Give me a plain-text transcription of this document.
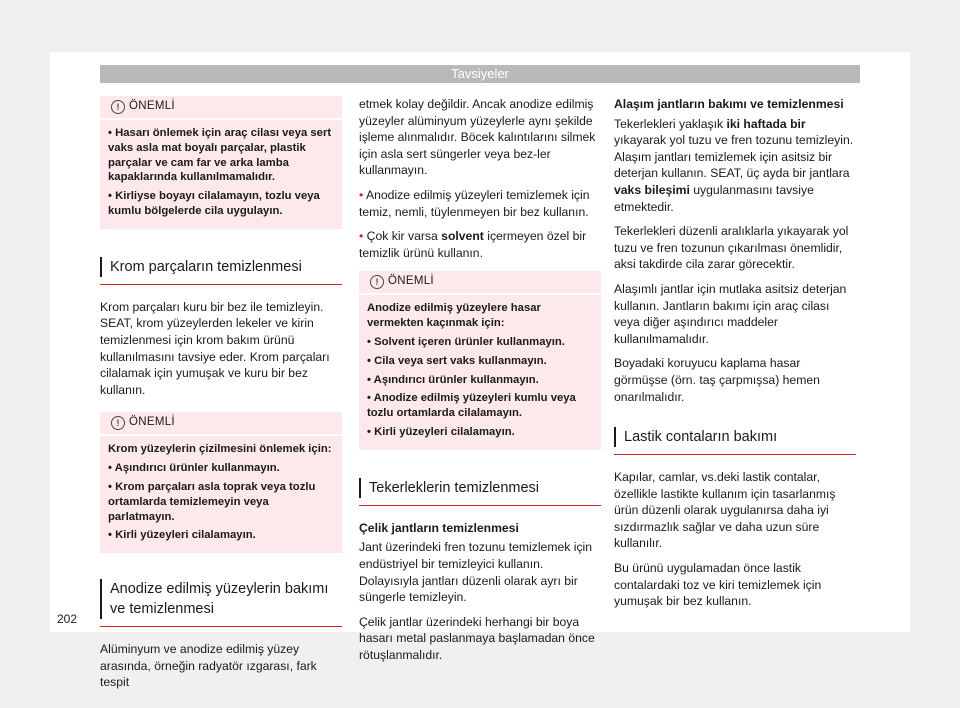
Tavsiyeler
! ÖNEMLİ

• Hasarı önlemek için araç cilası veya sert vaks asla mat boyalı parçalar, plastik parçalar ve cam far ve arka lamba kapaklarında kullanılmamalıdır.

• Kirliyse boyayı cilalamayın, tozlu veya kumlu bölgelerde cila uygulayın.

Krom parçaların temizlenmesi

Krom parçaları kuru bir bez ile temizleyin. SEAT, krom yüzeylerden lekeler ve kirin temizlenmesi için krom bakım ürünü kullanılmasını tavsiye eder. Krom parçaları cilalamak için yumuşak ve kuru bir bez kullanın.

! ÖNEMLİ

Krom yüzeylerin çizilmesini önlemek için:

• Aşındırıcı ürünler kullanmayın.

• Krom parçaları asla toprak veya tozlu ortamlarda temizlemeyin veya parlatmayın.

• Kirli yüzeyleri cilalamayın.

Anodize edilmiş yüzeylerin bakımı ve temizlenmesi

Alüminyum ve anodize edilmiş yüzey arasında, örneğin radyatör ızgarası, fark tespit

etmek kolay değildir. Ancak anodize edilmiş yüzeyler alüminyum yüzeylerle aynı şekilde işleme alınmalıdır. Böcek kalıntılarını silmek için asla sert süngerler veya bez-ler kullanmayın.

• Anodize edilmiş yüzeyleri temizlemek için temiz, nemli, tüylenmeyen bir bez kullanın.

• Çok kir varsa solvent içermeyen özel bir temizlik ürünü kullanın.

! ÖNEMLİ

Anodize edilmiş yüzeylere hasar vermekten kaçınmak için:

• Solvent içeren ürünler kullanmayın.

• Cila veya sert vaks kullanmayın.

• Aşındırıcı ürünler kullanmayın.

• Anodize edilmiş yüzeyleri kumlu veya tozlu ortamlarda cilalamayın.

• Kirli yüzeyleri cilalamayın.

Tekerleklerin temizlenmesi

Çelik jantların temizlenmesi

Jant üzerindeki fren tozunu temizlemek için endüstriyel bir temizleyici kullanın. Dolayısıyla jantları düzenli olarak ayrı bir süngerle temizleyin.

Çelik jantlar üzerindeki herhangi bir boya hasarı metal paslanmaya başlamadan önce rötuşlanmalıdır.

Alaşım jantların bakımı ve temizlenmesi

Tekerlekleri yaklaşık iki haftada bir yıkayarak yol tuzu ve fren tozunu temizleyin. Alaşım jantları temizlemek için asitsiz bir deterjan kullanın. SEAT, üç ayda bir jantlara vaks bileşimi uygulanmasını tavsiye etmektedir.

Tekerlekleri düzenli aralıklarla yıkayarak yol tuzu ve fren tozunun çıkarılması önemlidir, aksi takdirde cila zarar görecektir.

Alaşımlı jantlar için mutlaka asitsiz deterjan kullanın. Jantların bakımı için araç cilası veya diğer aşındırıcı maddeler kullanılmamalıdır.

Boyadaki koruyucu kaplama hasar görmüşse (örn. taş çarpmışsa) hemen onarılmalıdır.

Lastik contaların bakımı

Kapılar, camlar, vs.deki lastik contalar, özellikle lastikte kullanım için tasarlanmış ürün düzenli olarak uygulanırsa daha iyi sızdırmazlık sağlar ve daha uzun süre kullanılır.

Bu ürünü uygulamadan önce lastik contalardaki toz ve kiri temizlemek için yumuşak bir bez kullanın.

202
